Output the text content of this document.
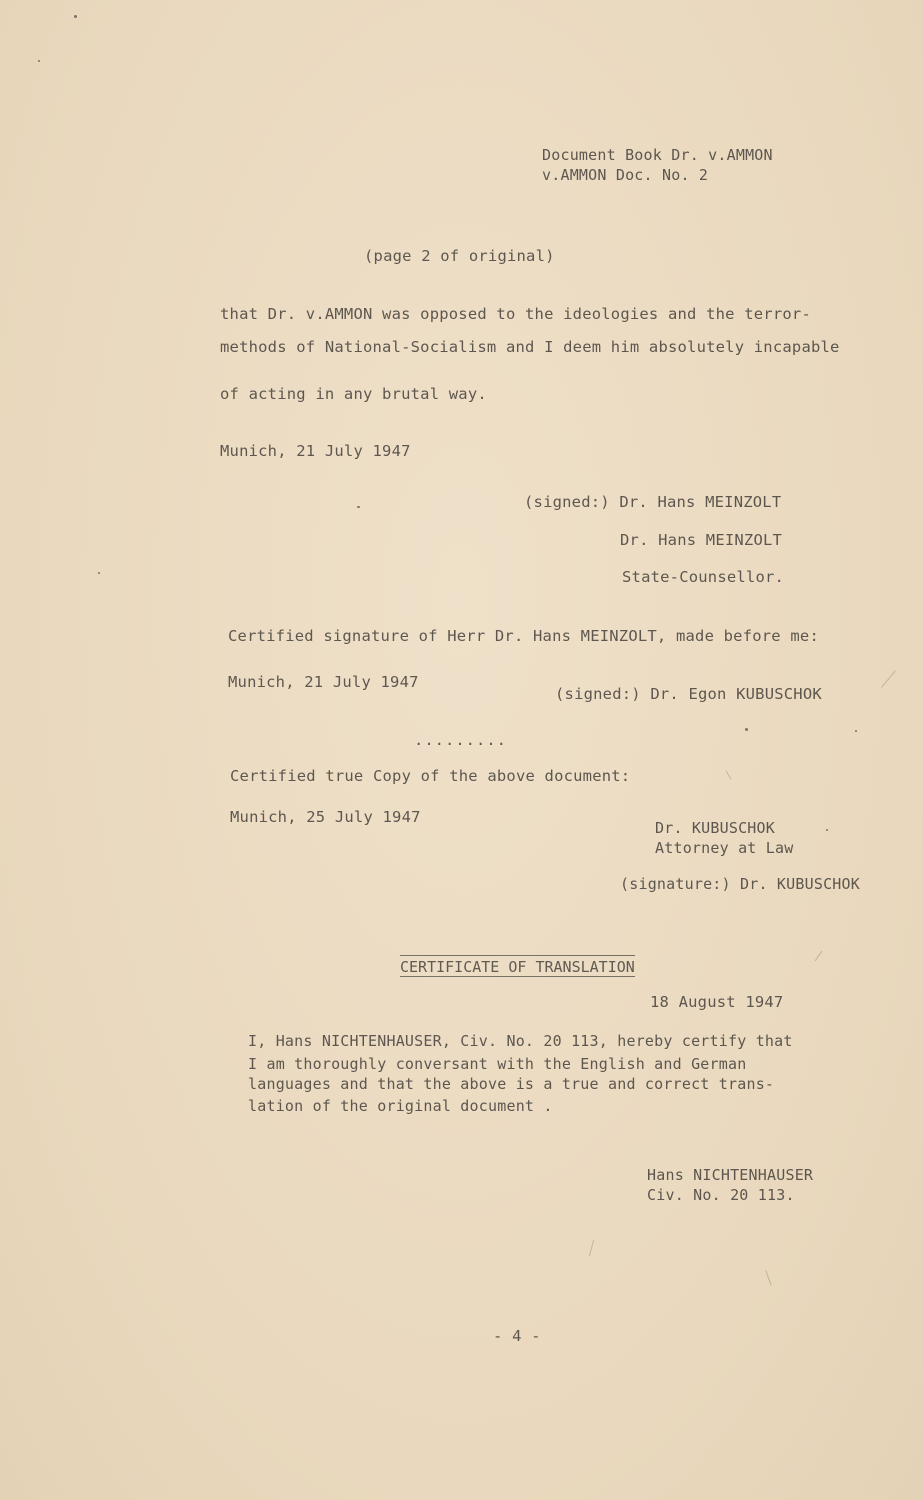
Document Book Dr. v.AMMON
v.AMMON Doc. No. 2
(page 2 of original)
that Dr. v.AMMON was opposed to the ideologies and the terror-
methods of National-Socialism and I deem him absolutely incapable
of acting in any brutal way.
Munich, 21 July 1947
(signed:) Dr. Hans MEINZOLT
Dr. Hans MEINZOLT
State-Counsellor.
Certified signature of Herr Dr. Hans MEINZOLT, made before me:
Munich, 21 July 1947
(signed:) Dr. Egon KUBUSCHOK
.........
Certified true Copy of the above document:
Munich, 25 July 1947
Dr. KUBUSCHOK
Attorney at Law
(signature:) Dr. KUBUSCHOK
CERTIFICATE OF TRANSLATION
18 August 1947
I, Hans NICHTENHAUSER, Civ. No. 20 113, hereby certify that
I am thoroughly conversant with the English and German
languages and that the above is a true and correct trans-
lation of the original document .
Hans NICHTENHAUSER
Civ. No. 20 113.
- 4 -
